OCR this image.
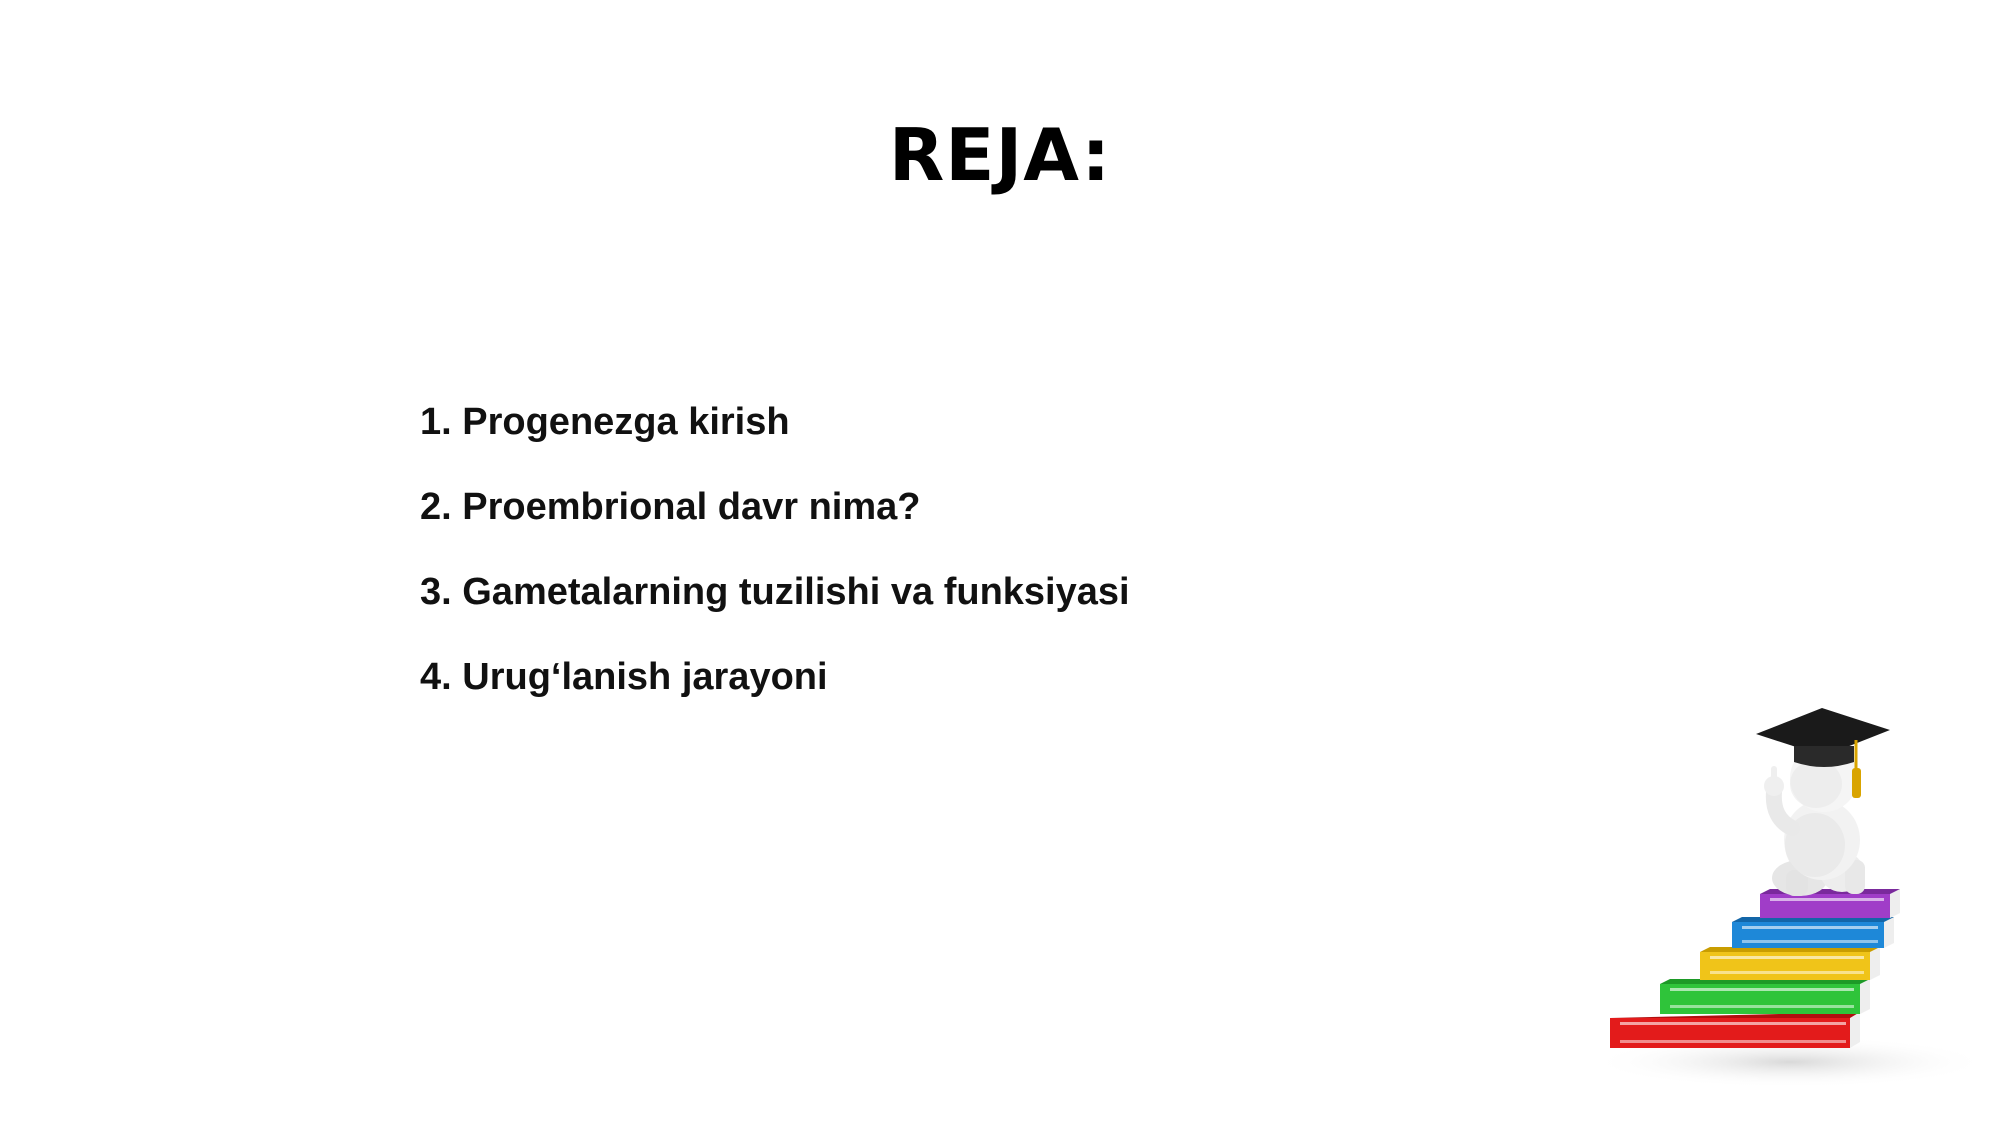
REJA:
1. Progenezga kirish
2. Proembrional davr nima?
3. Gametalarning tuzilishi va funksiyasi
4. Urug‘lanish jarayoni
